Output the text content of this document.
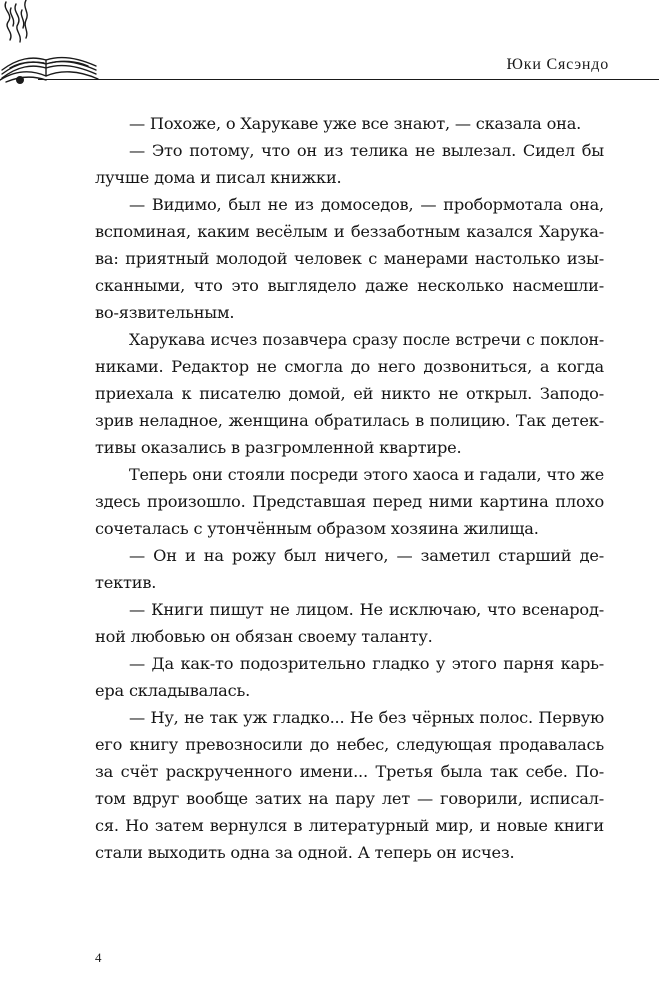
Юки Сясэндо
— Похоже, о Харукаве уже все знают, — сказала она.
— Это потому, что он из телика не вылезал. Сидел бы
лучше дома и писал книжки.
— Видимо, был не из домоседов, — пробормотала она,
вспоминая, каким весёлым и беззаботным казался Харука-
ва: приятный молодой человек с манерами настолько изы-
сканными, что это выглядело даже несколько насмешли-
во-язвительным.
Харукава исчез позавчера сразу после встречи с поклон-
никами. Редактор не смогла до него дозвониться, а когда
приехала к писателю домой, ей никто не открыл. Заподо-
зрив неладное, женщина обратилась в полицию. Так детек-
тивы оказались в разгромленной квартире.
Теперь они стояли посреди этого хаоса и гадали, что же
здесь произошло. Представшая перед ними картина плохо
сочеталась с утончённым образом хозяина жилища.
— Он и на рожу был ничего, — заметил старший де-
тектив.
— Книги пишут не лицом. Не исключаю, что всенарод-
ной любовью он обязан своему таланту.
— Да как-то подозрительно гладко у этого парня карь-
ера складывалась.
— Ну, не так уж гладко... Не без чёрных полос. Первую
его книгу превозносили до небес, следующая продавалась
за счёт раскрученного имени... Третья была так себе. По-
том вдруг вообще затих на пару лет — говорили, исписал-
ся. Но затем вернулся в литературный мир, и новые книги
стали выходить одна за одной. А теперь он исчез.
4
